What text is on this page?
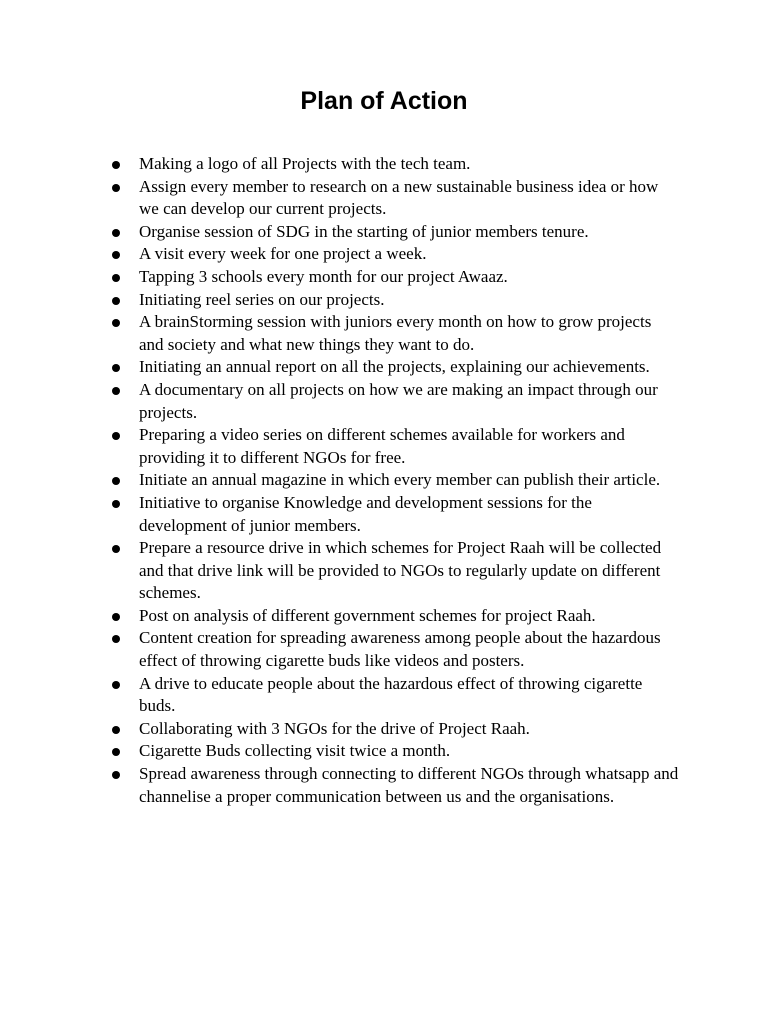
Plan of Action
Making a logo of all Projects with the tech team.
Assign every member to research on a new sustainable business idea or how we can develop our current projects.
Organise session of SDG in the starting of junior members tenure.
A visit every week for one project a week.
Tapping 3 schools every month for our project Awaaz.
Initiating reel series on our projects.
A brainStorming session with juniors every month on how to grow projects and society and what new things they want to do.
Initiating an annual report on all the projects, explaining our achievements.
A documentary on all projects on how we are making an impact through our projects.
Preparing a video series on different schemes available for workers and providing it to different NGOs for free.
Initiate an annual magazine in which every member can publish their article.
Initiative to organise Knowledge and development sessions for the development of junior members.
Prepare a resource drive in which schemes for Project Raah will be collected and that drive link will be provided to NGOs to regularly update on different schemes.
Post on analysis of different government schemes for project Raah.
Content creation for spreading awareness among people about the hazardous effect of throwing cigarette buds like videos and posters.
A drive to educate people about the hazardous effect of throwing cigarette buds.
Collaborating with 3 NGOs for the drive of Project Raah.
Cigarette Buds collecting visit twice a month.
Spread awareness through connecting to different NGOs through whatsapp and channelise a proper communication between us and the organisations.
